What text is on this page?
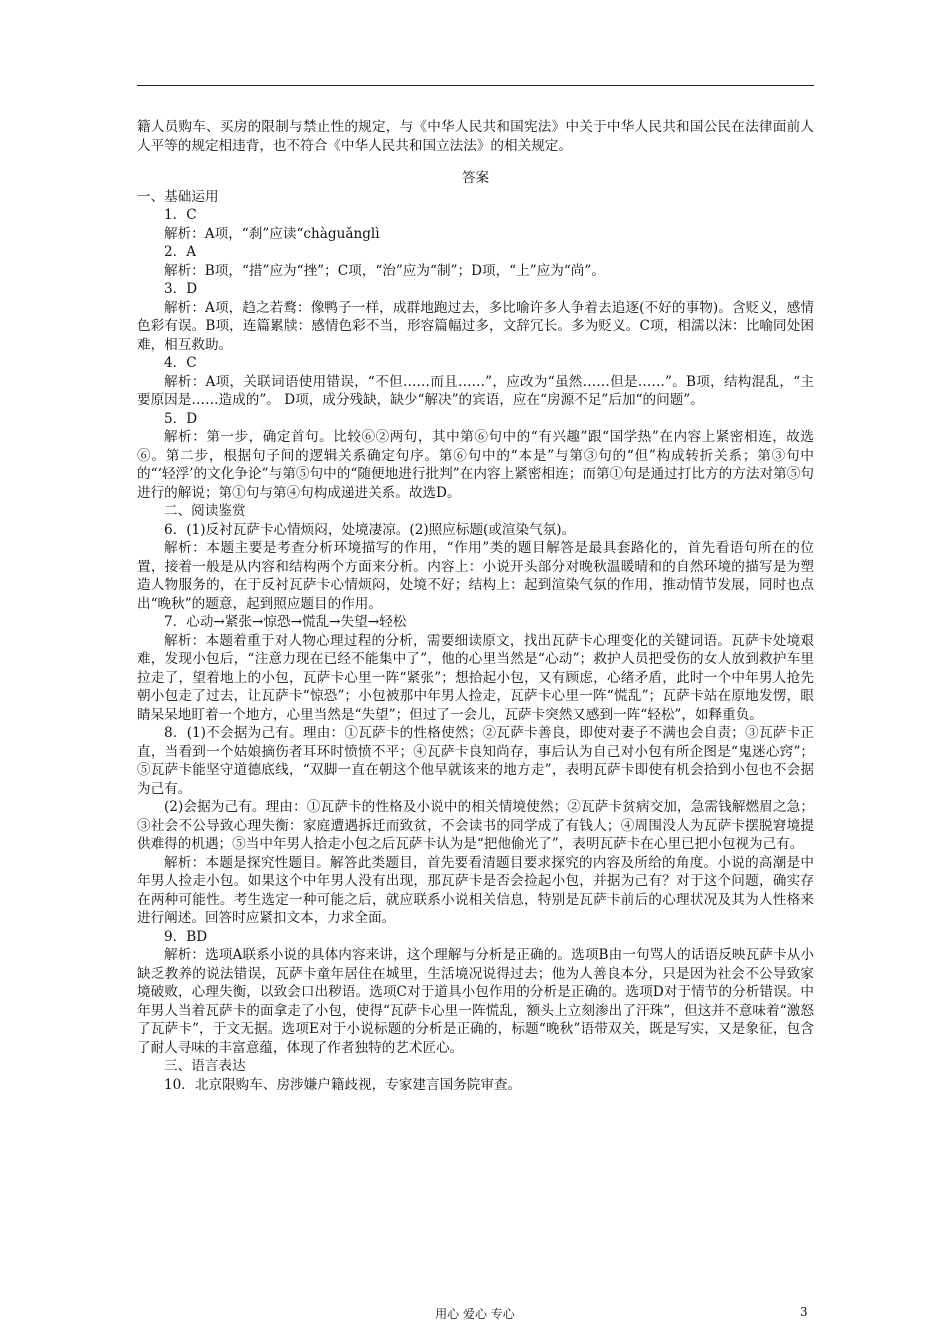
籍人员购车、买房的限制与禁止性的规定，与《中华人民共和国宪法》中关于中华人民共和国公民在法律面前人人平等的规定相违背，也不符合《中华人民共和国立法法》的相关规定。

答案

一、基础运用

1．C

解析：A项，“刹”应读“chàguǎnglì

2．A

解析：B项，“措”应为“挫”；C项，“治”应为“制”；D项，“上”应为“尚”。

3．D

解析：A项，趋之若鹜：像鸭子一样，成群地跑过去，多比喻许多人争着去追逐(不好的事物)。含贬义，感情色彩有误。B项，连篇累牍：感情色彩不当，形容篇幅过多，文辞冗长。多为贬义。C项，相濡以沫：比喻同处困难，相互救助。

4．C

解析：A项，关联词语使用错误，“不但……而且……”，应改为“虽然……但是……”。B项，结构混乱，“主要原因是……造成的”。 D项，成分残缺，缺少“解决”的宾语，应在“房源不足”后加“的问题”。

5．D

解析：第一步，确定首句。比较⑥②两句，其中第⑥句中的“有兴趣”跟“国学热”在内容上紧密相连，故选⑥。第二步，根据句子间的逻辑关系确定句序。第⑥句中的“本是”与第③句的“但”构成转折关系；第③句中的“‘轻浮’的文化争论”与第⑤句中的“随便地进行批判”在内容上紧密相连；而第①句是通过打比方的方法对第⑤句进行的解说；第①句与第④句构成递进关系。故选D。

二、阅读鉴赏

6．(1)反衬瓦萨卡心情烦闷，处境凄凉。(2)照应标题(或渲染气氛)。

解析：本题主要是考查分析环境描写的作用，“作用”类的题目解答是最具套路化的，首先看语句所在的位置，接着一般是从内容和结构两个方面来分析。内容上：小说开头部分对晚秋温暖晴和的自然环境的描写是为塑造人物服务的，在于反衬瓦萨卡心情烦闷，处境不好；结构上：起到渲染气氛的作用，推动情节发展，同时也点出“晚秋”的题意，起到照应题目的作用。

7．心动→紧张→惊恐→慌乱→失望→轻松

解析：本题着重于对人物心理过程的分析，需要细读原文，找出瓦萨卡心理变化的关键词语。瓦萨卡处境艰难，发现小包后，“注意力现在已经不能集中了”，他的心里当然是“心动”；救护人员把受伤的女人放到救护车里拉走了，望着地上的小包，瓦萨卡心里一阵“紧张”；想拾起小包，又有顾虑，心绪矛盾，此时一个中年男人抢先朝小包走了过去，让瓦萨卡“惊恐”；小包被那中年男人捡走，瓦萨卡心里一阵“慌乱”；瓦萨卡站在原地发愣，眼睛呆呆地盯着一个地方，心里当然是“失望”；但过了一会儿，瓦萨卡突然又感到一阵“轻松”，如释重负。

8．(1)不会据为己有。理由：①瓦萨卡的性格使然；②瓦萨卡善良，即使对妻子不满也会自责；③瓦萨卡正直，当看到一个姑娘摘伤者耳环时愤愤不平；④瓦萨卡良知尚存，事后认为自己对小包有所企图是“鬼迷心窍”；⑤瓦萨卡能坚守道德底线，“双脚一直在朝这个他早就该来的地方走”，表明瓦萨卡即使有机会拾到小包也不会据为己有。

(2)会据为己有。理由：①瓦萨卡的性格及小说中的相关情境使然；②瓦萨卡贫病交加，急需钱解燃眉之急；③社会不公导致心理失衡：家庭遭遇拆迁而致贫，不会读书的同学成了有钱人；④周围没人为瓦萨卡摆脱窘境提供难得的机遇；⑤当中年男人拾走小包之后瓦萨卡认为是“把他偷光了”，表明瓦萨卡在心里已把小包视为己有。

解析：本题是探究性题目。解答此类题目，首先要看清题目要求探究的内容及所给的角度。小说的高潮是中年男人捡走小包。如果这个中年男人没有出现，那瓦萨卡是否会捡起小包，并据为己有？对于这个问题，确实存在两种可能性。考生选定一种可能之后，就应联系小说相关信息，特别是瓦萨卡前后的心理状况及其为人性格来进行阐述。回答时应紧扣文本，力求全面。

9．BD

解析：选项A联系小说的具体内容来讲，这个理解与分析是正确的。选项B由一句骂人的话语反映瓦萨卡从小缺乏教养的说法错误，瓦萨卡童年居住在城里，生活境况说得过去；他为人善良本分，只是因为社会不公导致家境破败，心理失衡，以致会口出秽语。选项C对于道具小包作用的分析是正确的。选项D对于情节的分析错误。中年男人当着瓦萨卡的面拿走了小包，使得“瓦萨卡心里一阵慌乱，额头上立刻渗出了汗珠”，但这并不意味着“激怒了瓦萨卡”，于文无据。选项E对于小说标题的分析是正确的，标题“晚秋”语带双关，既是写实，又是象征，包含了耐人寻味的丰富意蕴，体现了作者独特的艺术匠心。

三、语言表达

10．北京限购车、房涉嫌户籍歧视，专家建言国务院审查。

用心 爱心 专心	3
